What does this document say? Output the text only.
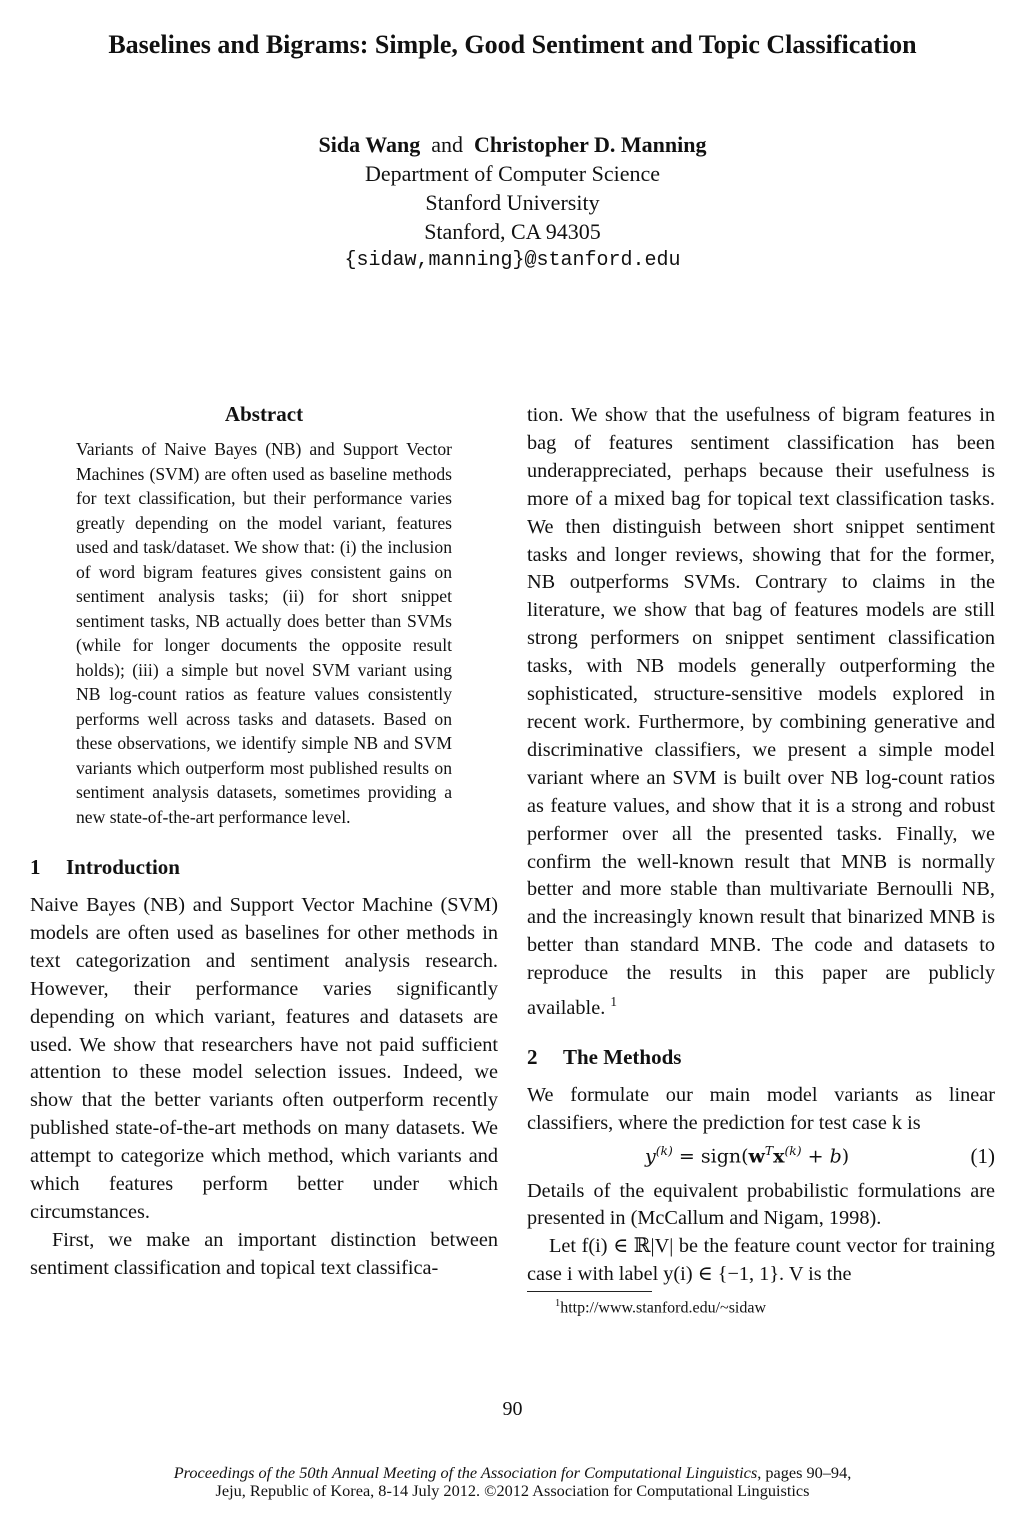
Baselines and Bigrams: Simple, Good Sentiment and Topic Classification
Sida Wang and Christopher D. Manning
Department of Computer Science
Stanford University
Stanford, CA 94305
{sidaw,manning}@stanford.edu
Abstract

Variants of Naive Bayes (NB) and Support Vector Machines (SVM) are often used as baseline methods for text classification, but their performance varies greatly depending on the model variant, features used and task/dataset. We show that: (i) the inclusion of word bigram features gives consistent gains on sentiment analysis tasks; (ii) for short snippet sentiment tasks, NB actually does better than SVMs (while for longer documents the opposite result holds); (iii) a simple but novel SVM variant using NB log-count ratios as feature values consistently performs well across tasks and datasets. Based on these observations, we identify simple NB and SVM variants which outperform most published results on sentiment analysis datasets, sometimes providing a new state-of-the-art performance level.

1 Introduction

Naive Bayes (NB) and Support Vector Machine (SVM) models are often used as baselines for other methods in text categorization and sentiment analysis research. However, their performance varies significantly depending on which variant, features and datasets are used. We show that researchers have not paid sufficient attention to these model selection issues. Indeed, we show that the better variants often outperform recently published state-of-the-art methods on many datasets. We attempt to categorize which method, which variants and which features perform better under which circumstances.

First, we make an important distinction between sentiment classification and topical text classifica-

tion. We show that the usefulness of bigram features in bag of features sentiment classification has been underappreciated, perhaps because their usefulness is more of a mixed bag for topical text classification tasks. We then distinguish between short snippet sentiment tasks and longer reviews, showing that for the former, NB outperforms SVMs. Contrary to claims in the literature, we show that bag of features models are still strong performers on snippet sentiment classification tasks, with NB models generally outperforming the sophisticated, structure-sensitive models explored in recent work. Furthermore, by combining generative and discriminative classifiers, we present a simple model variant where an SVM is built over NB log-count ratios as feature values, and show that it is a strong and robust performer over all the presented tasks. Finally, we confirm the well-known result that MNB is normally better and more stable than multivariate Bernoulli NB, and the increasingly known result that binarized MNB is better than standard MNB. The code and datasets to reproduce the results in this paper are publicly available. $^1$

2 The Methods

We formulate our main model variants as linear classifiers, where the prediction for test case k is

$y^{(k)}$ = $sign(w^Tx^{(k)} + b)$	(1)

Details of the equivalent probabilistic formulations are presented in (McCallum and Nigam, 1998).

Let f(i) ∈ ℝ|V| be the feature count vector for training case i with label y(i) ∈ {−1, 1}. V is the

$^1$http://www.stanford.edu/~sidaw

90
Proceedings of the 50th Annual Meeting of the Association for Computational Linguistics, pages 90–94,
Jeju, Republic of Korea, 8-14 July 2012. ©2012 Association for Computational Linguistics
